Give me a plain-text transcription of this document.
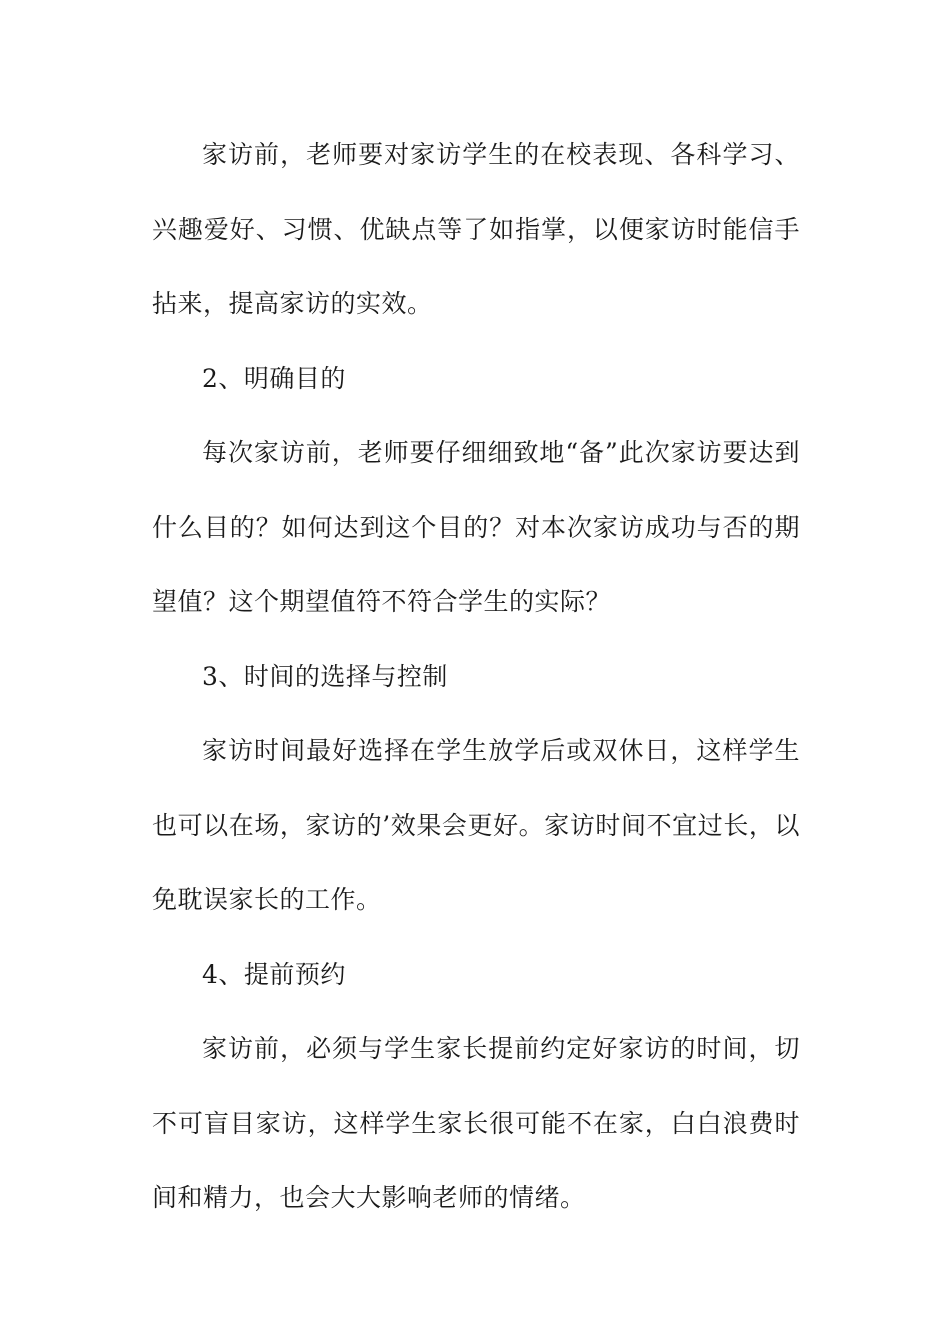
家访前，老师要对家访学生的在校表现、各科学习、兴趣爱好、习惯、优缺点等了如指掌，以便家访时能信手拈来，提高家访的实效。

2、明确目的

每次家访前，老师要仔细细致地“备”此次家访要达到什么目的？如何达到这个目的？对本次家访成功与否的期望值？这个期望值符不符合学生的实际？

3、时间的选择与控制

家访时间最好选择在学生放学后或双休日，这样学生也可以在场，家访的’效果会更好。家访时间不宜过长，以免耽误家长的工作。

4、提前预约

家访前，必须与学生家长提前约定好家访的时间，切不可盲目家访，这样学生家长很可能不在家，白白浪费时间和精力，也会大大影响老师的情绪。
